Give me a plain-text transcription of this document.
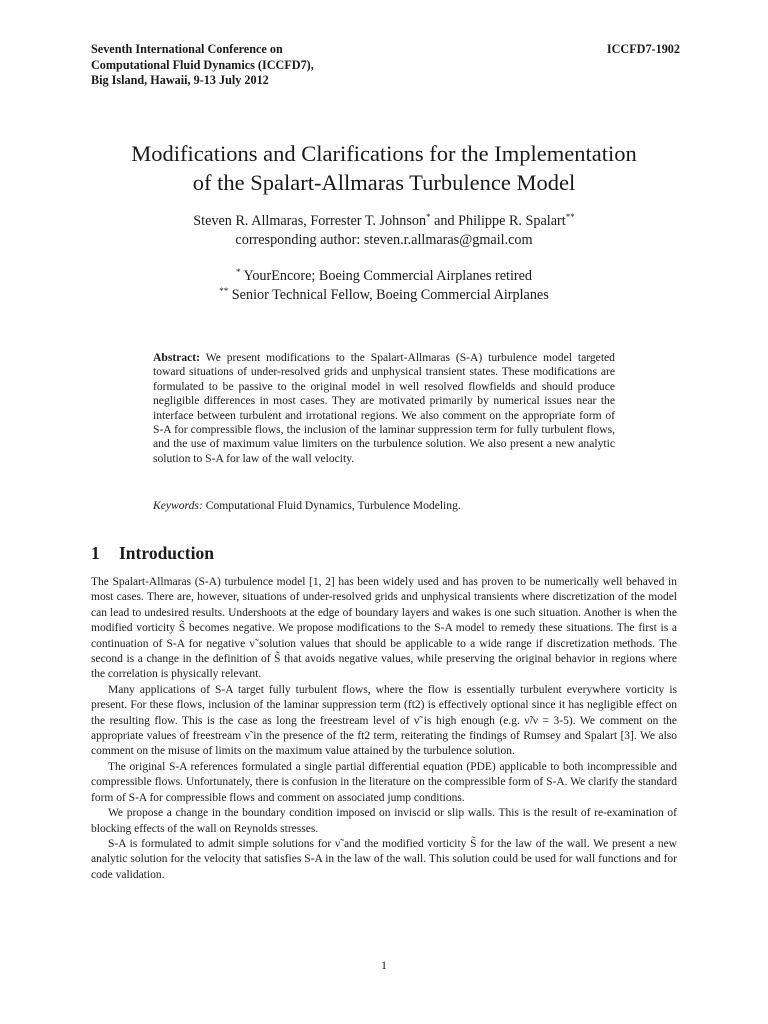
Seventh International Conference on
Computational Fluid Dynamics (ICCFD7),
Big Island, Hawaii, 9-13 July 2012
ICCFD7-1902
Modifications and Clarifications for the Implementation
of the Spalart-Allmaras Turbulence Model
Steven R. Allmaras, Forrester T. Johnson* and Philippe R. Spalart**
corresponding author: steven.r.allmaras@gmail.com
* YourEncore; Boeing Commercial Airplanes retired
** Senior Technical Fellow, Boeing Commercial Airplanes
Abstract: We present modifications to the Spalart-Allmaras (S-A) turbulence model targeted toward situations of under-resolved grids and unphysical transient states. These modifications are formulated to be passive to the original model in well resolved flowfields and should produce negligible differences in most cases. They are motivated primarily by numerical issues near the interface between turbulent and irrotational regions. We also comment on the appropriate form of S-A for compressible flows, the inclusion of the laminar suppression term for fully turbulent flows, and the use of maximum value limiters on the turbulence solution. We also present a new analytic solution to S-A for law of the wall velocity.
Keywords: Computational Fluid Dynamics, Turbulence Modeling.
1 Introduction

The Spalart-Allmaras (S-A) turbulence model [1, 2] has been widely used and has proven to be numerically well behaved in most cases. There are, however, situations of under-resolved grids and unphysical transients where discretization of the model can lead to undesired results. Undershoots at the edge of boundary layers and wakes is one such situation. Another is when the modified vorticity S̃ becomes negative. We propose modifications to the S-A model to remedy these situations. The first is a continuation of S-A for negative ν̃ solution values that should be applicable to a wide range if discretization methods. The second is a change in the definition of S̃ that avoids negative values, while preserving the original behavior in regions where the correlation is physically relevant.

Many applications of S-A target fully turbulent flows, where the flow is essentially turbulent everywhere vorticity is present. For these flows, inclusion of the laminar suppression term (ft2) is effectively optional since it has negligible effect on the resulting flow. This is the case as long the freestream level of ν̃ is high enough (e.g. ν̃/ν = 3-5). We comment on the appropriate values of freestream ν̃ in the presence of the ft2 term, reiterating the findings of Rumsey and Spalart [3]. We also comment on the misuse of limits on the maximum value attained by the turbulence solution.

The original S-A references formulated a single partial differential equation (PDE) applicable to both incompressible and compressible flows. Unfortunately, there is confusion in the literature on the compressible form of S-A. We clarify the standard form of S-A for compressible flows and comment on associated jump conditions.

We propose a change in the boundary condition imposed on inviscid or slip walls. This is the result of re-examination of blocking effects of the wall on Reynolds stresses.

S-A is formulated to admit simple solutions for ν̃ and the modified vorticity S̃ for the law of the wall. We present a new analytic solution for the velocity that satisfies S-A in the law of the wall. This solution could be used for wall functions and for code validation.

1
